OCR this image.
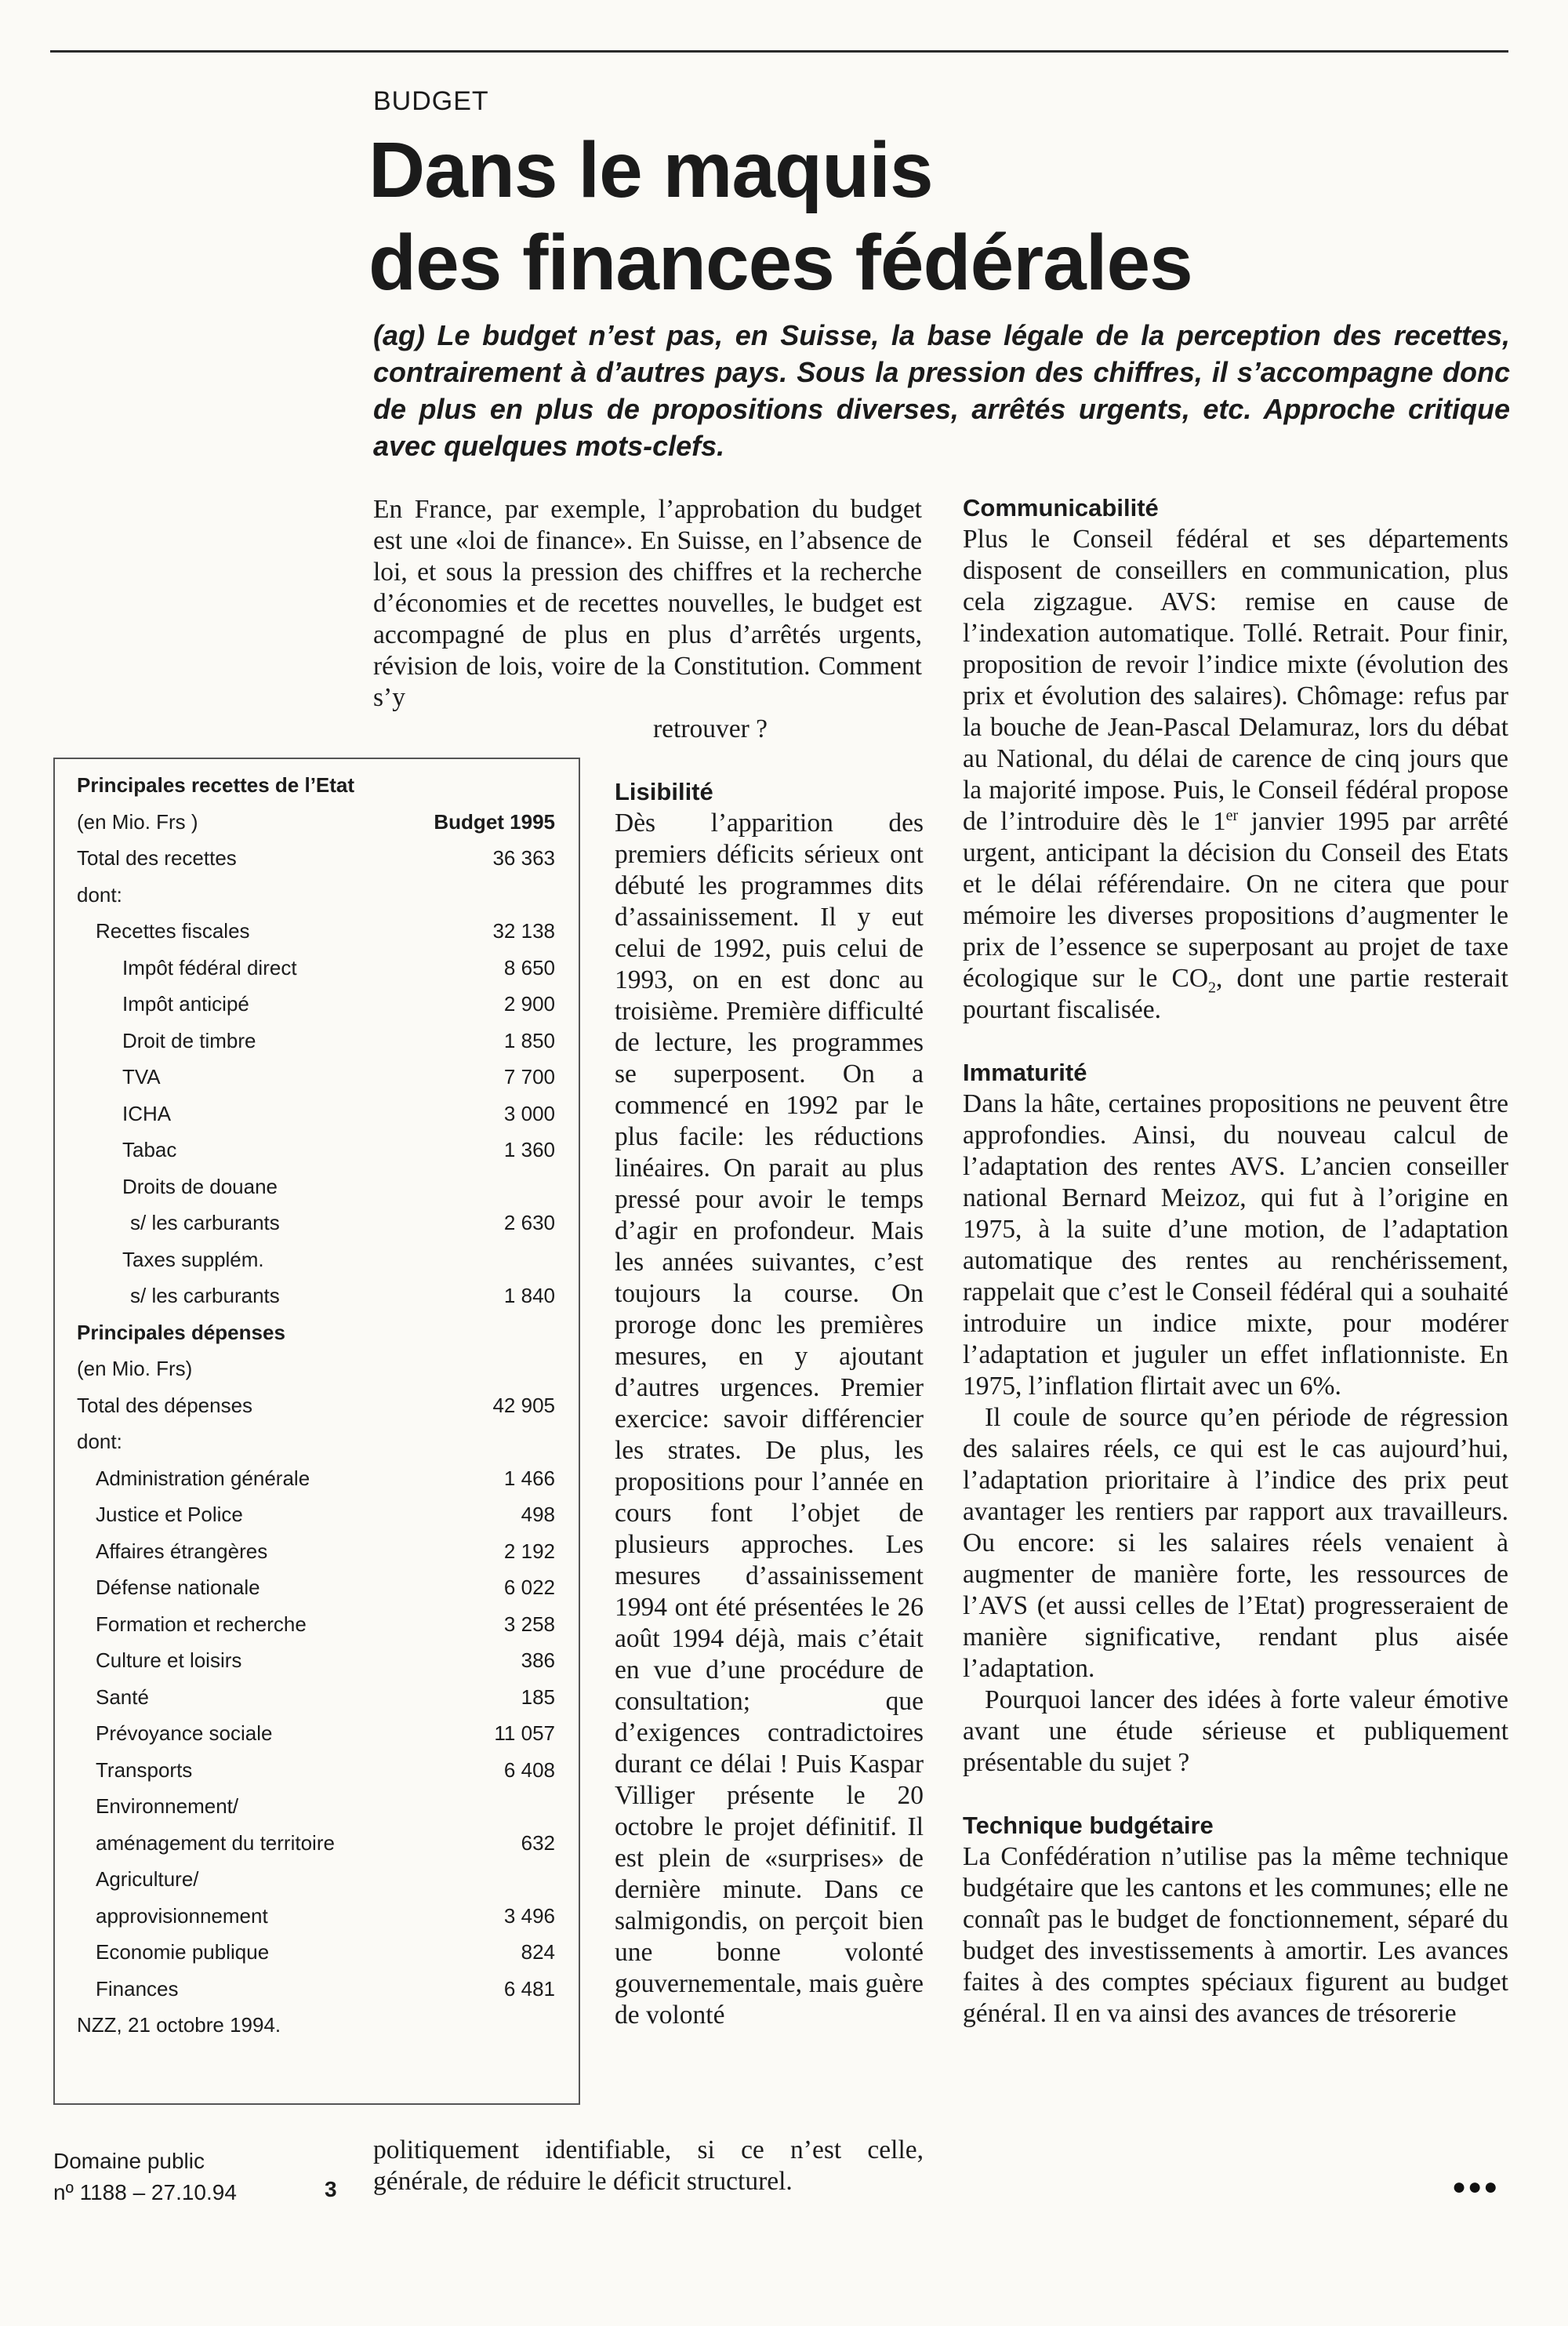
BUDGET
Dans le maquis
des finances fédérales

(ag) Le budget n’est pas, en Suisse, la base légale de la perception des recettes, contrairement à d’autres pays. Sous la pression des chiffres, il s’accompagne donc de plus en plus de propositions diverses, arrêtés urgents, etc. Approche critique avec quelques mots-clefs.

En France, par exemple, l’approbation du budget est une «loi de finance». En Suisse, en l’absence de loi, et sous la pression des chiffres et la recherche d’économies et de recettes nouvelles, le budget est accompagné de plus en plus d’arrêtés urgents, révision de lois, voire de la Constitution. Comment s’y

retrouver ?

Lisibilité

Dès l’apparition des premiers déficits sérieux ont débuté les programmes dits d’assainissement. Il y eut celui de 1992, puis celui de 1993, on en est donc au troisième. Première difficulté de lecture, les programmes se superposent. On a commencé en 1992 par le plus facile: les réductions linéaires. On parait au plus pressé pour avoir le temps d’agir en profondeur. Mais les années suivantes, c’est toujours la course. On proroge donc les premières mesures, en y ajoutant d’autres urgences. Premier exercice: savoir différencier les strates. De plus, les propositions pour l’année en cours font l’objet de plusieurs approches. Les mesures d’assainissement 1994 ont été présentées le 26 août 1994 déjà, mais c’était en vue d’une procédure de consultation; que d’exigences contradictoires durant ce délai ! Puis Kaspar Villiger présente le 20 octobre le projet définitif. Il est plein de «surprises» de dernière minute. Dans ce salmigondis, on perçoit bien une bonne volonté gouvernementale, mais guère de volonté

politiquement identifiable, si ce n’est celle, générale, de réduire le déficit structurel.

Communicabilité

Plus le Conseil fédéral et ses départements disposent de conseillers en communication, plus cela zigzague. AVS: remise en cause de l’indexation automatique. Tollé. Retrait. Pour finir, proposition de revoir l’indice mixte (évolution des prix et évolution des salaires). Chômage: refus par la bouche de Jean-Pascal Delamuraz, lors du débat au National, du délai de carence de cinq jours que la majorité impose. Puis, le Conseil fédéral propose de l’introduire dès le 1er janvier 1995 par arrêté urgent, anticipant la décision du Conseil des Etats et le délai référendaire. On ne citera que pour mémoire les diverses propositions d’augmenter le prix de l’essence se superposant au projet de taxe écologique sur le $CO_2$, dont une partie resterait pourtant fiscalisée.

Immaturité

Dans la hâte, certaines propositions ne peuvent être approfondies. Ainsi, du nouveau calcul de l’adaptation des rentes AVS. L’ancien conseiller national Bernard Meizoz, qui fut à l’origine en 1975, à la suite d’une motion, de l’adaptation automatique des rentes au renchérissement, rappelait que c’est le Conseil fédéral qui a souhaité introduire un indice mixte, pour modérer l’adaptation et juguler un effet inflationniste. En 1975, l’inflation flirtait avec un 6%.

Il coule de source qu’en période de régression des salaires réels, ce qui est le cas aujourd’hui, l’adaptation prioritaire à l’indice des prix peut avantager les rentiers par rapport aux travailleurs. Ou encore: si les salaires réels venaient à augmenter de manière forte, les ressources de l’AVS (et aussi celles de l’Etat) progresseraient de manière significative, rendant plus aisée l’adaptation.

Pourquoi lancer des idées à forte valeur émotive avant une étude sérieuse et publiquement présentable du sujet ?

Technique budgétaire

La Confédération n’utilise pas la même technique budgétaire que les cantons et les communes; elle ne connaît pas le budget de fonctionnement, séparé du budget des investissements à amortir. Les avances faites à des comptes spéciaux figurent au budget général. Il en va ainsi des avances de trésorerie

●●●
Principales recettes de l’Etat
(en Mio. Frs )	Budget 1995
Total des recettes	36 363
dont:
Recettes fiscales	32 138
Impôt fédéral direct	8 650
Impôt anticipé	2 900
Droit de timbre	1 850
TVA	7 700
ICHA	3 000
Tabac	1 360
Droits de douane
s/ les carburants	2 630
Taxes supplém.
s/ les carburants	1 840
Principales dépenses
(en Mio. Frs)
Total des dépenses	42 905
dont:
Administration générale	1 466
Justice et Police	498
Affaires étrangères	2 192
Défense nationale	6 022
Formation et recherche	3 258
Culture et loisirs	386
Santé	185
Prévoyance sociale	11 057
Transports	6 408
Environnement/
aménagement du territoire	632
Agriculture/
approvisionnement	3 496
Economie publique	824
Finances	6 481
NZZ, 21 octobre 1994.
Domaine public
nº 1188 – 27.10.94	3
